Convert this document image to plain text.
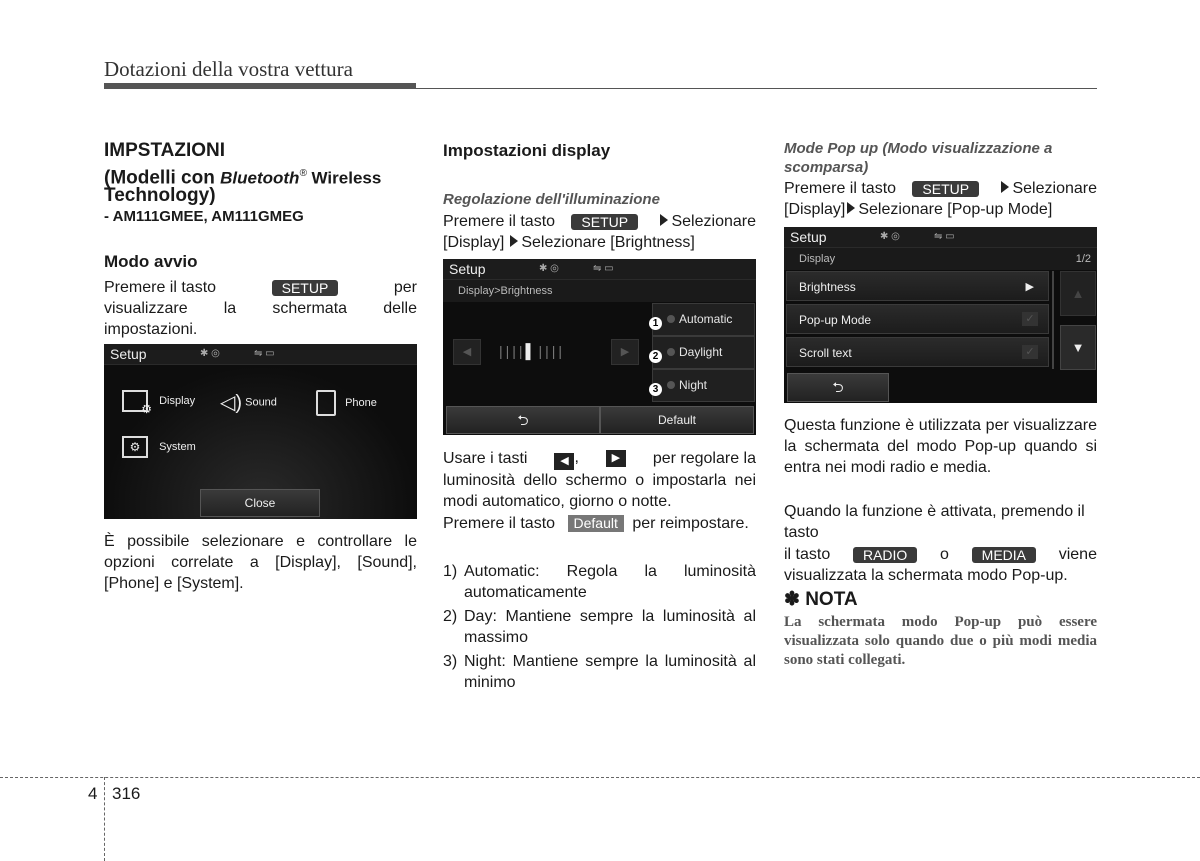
Dotazioni della vostra vettura
IMPSTAZIONI
(Modelli con Bluetooth® Wireless
Technology)
- AM111GMEE, AM111GMEG
Modo avvio
Premere il tasto	SETUP	per
visualizzare la schermata delle impostazioni.
Setup	✱ ◎	⇋ ▭
⚙
Display ◁) Sound	Phone
⚙ System
Close
È possibile selezionare e controllare le opzioni correlate a [Display], [Sound], [Phone] e [System].
Impostazioni display
Regolazione dell'illuminazione
Premere il tasto	SETUP	Selezionare
[Display] Selezionare [Brightness]
Setup	✱ ◎	⇋ ▭
Display>Brightness
◀	||||▌||||	▶
Automatic
Daylight
Night
1
2
3
⮌	Default
Usare i tasti	◀ ,	▶	per regolare la
luminosità dello schermo o impostarla nei modi automatico, giorno o notte.
Premere il tasto Default per reimpostare.
1) Automatic: Regola la luminosità automaticamente
2) Day: Mantiene sempre la luminosità al massimo
3) Night: Mantiene sempre la luminosità al minimo
Mode Pop up (Modo visualizzazione a scomparsa)
Premere il tasto	SETUP	Selezionare
[Display] Selezionare [Pop-up Mode]
Setup	✱ ◎	⇋ ▭
Display	1/2
Brightness	▶
Pop-up Mode	✓
Scroll text	✓
▲
▼
⮌
Questa funzione è utilizzata per visualizzare la schermata del modo Pop-up quando si entra nei modi radio e media.
Quando la funzione è attivata, premendo il tasto
il tasto	RADIO	o	MEDIA	viene
visualizzata la schermata modo Pop-up.
✽ NOTA
La schermata modo Pop-up può essere visualizzata solo quando due o più modi media sono stati collegati.
4 316
